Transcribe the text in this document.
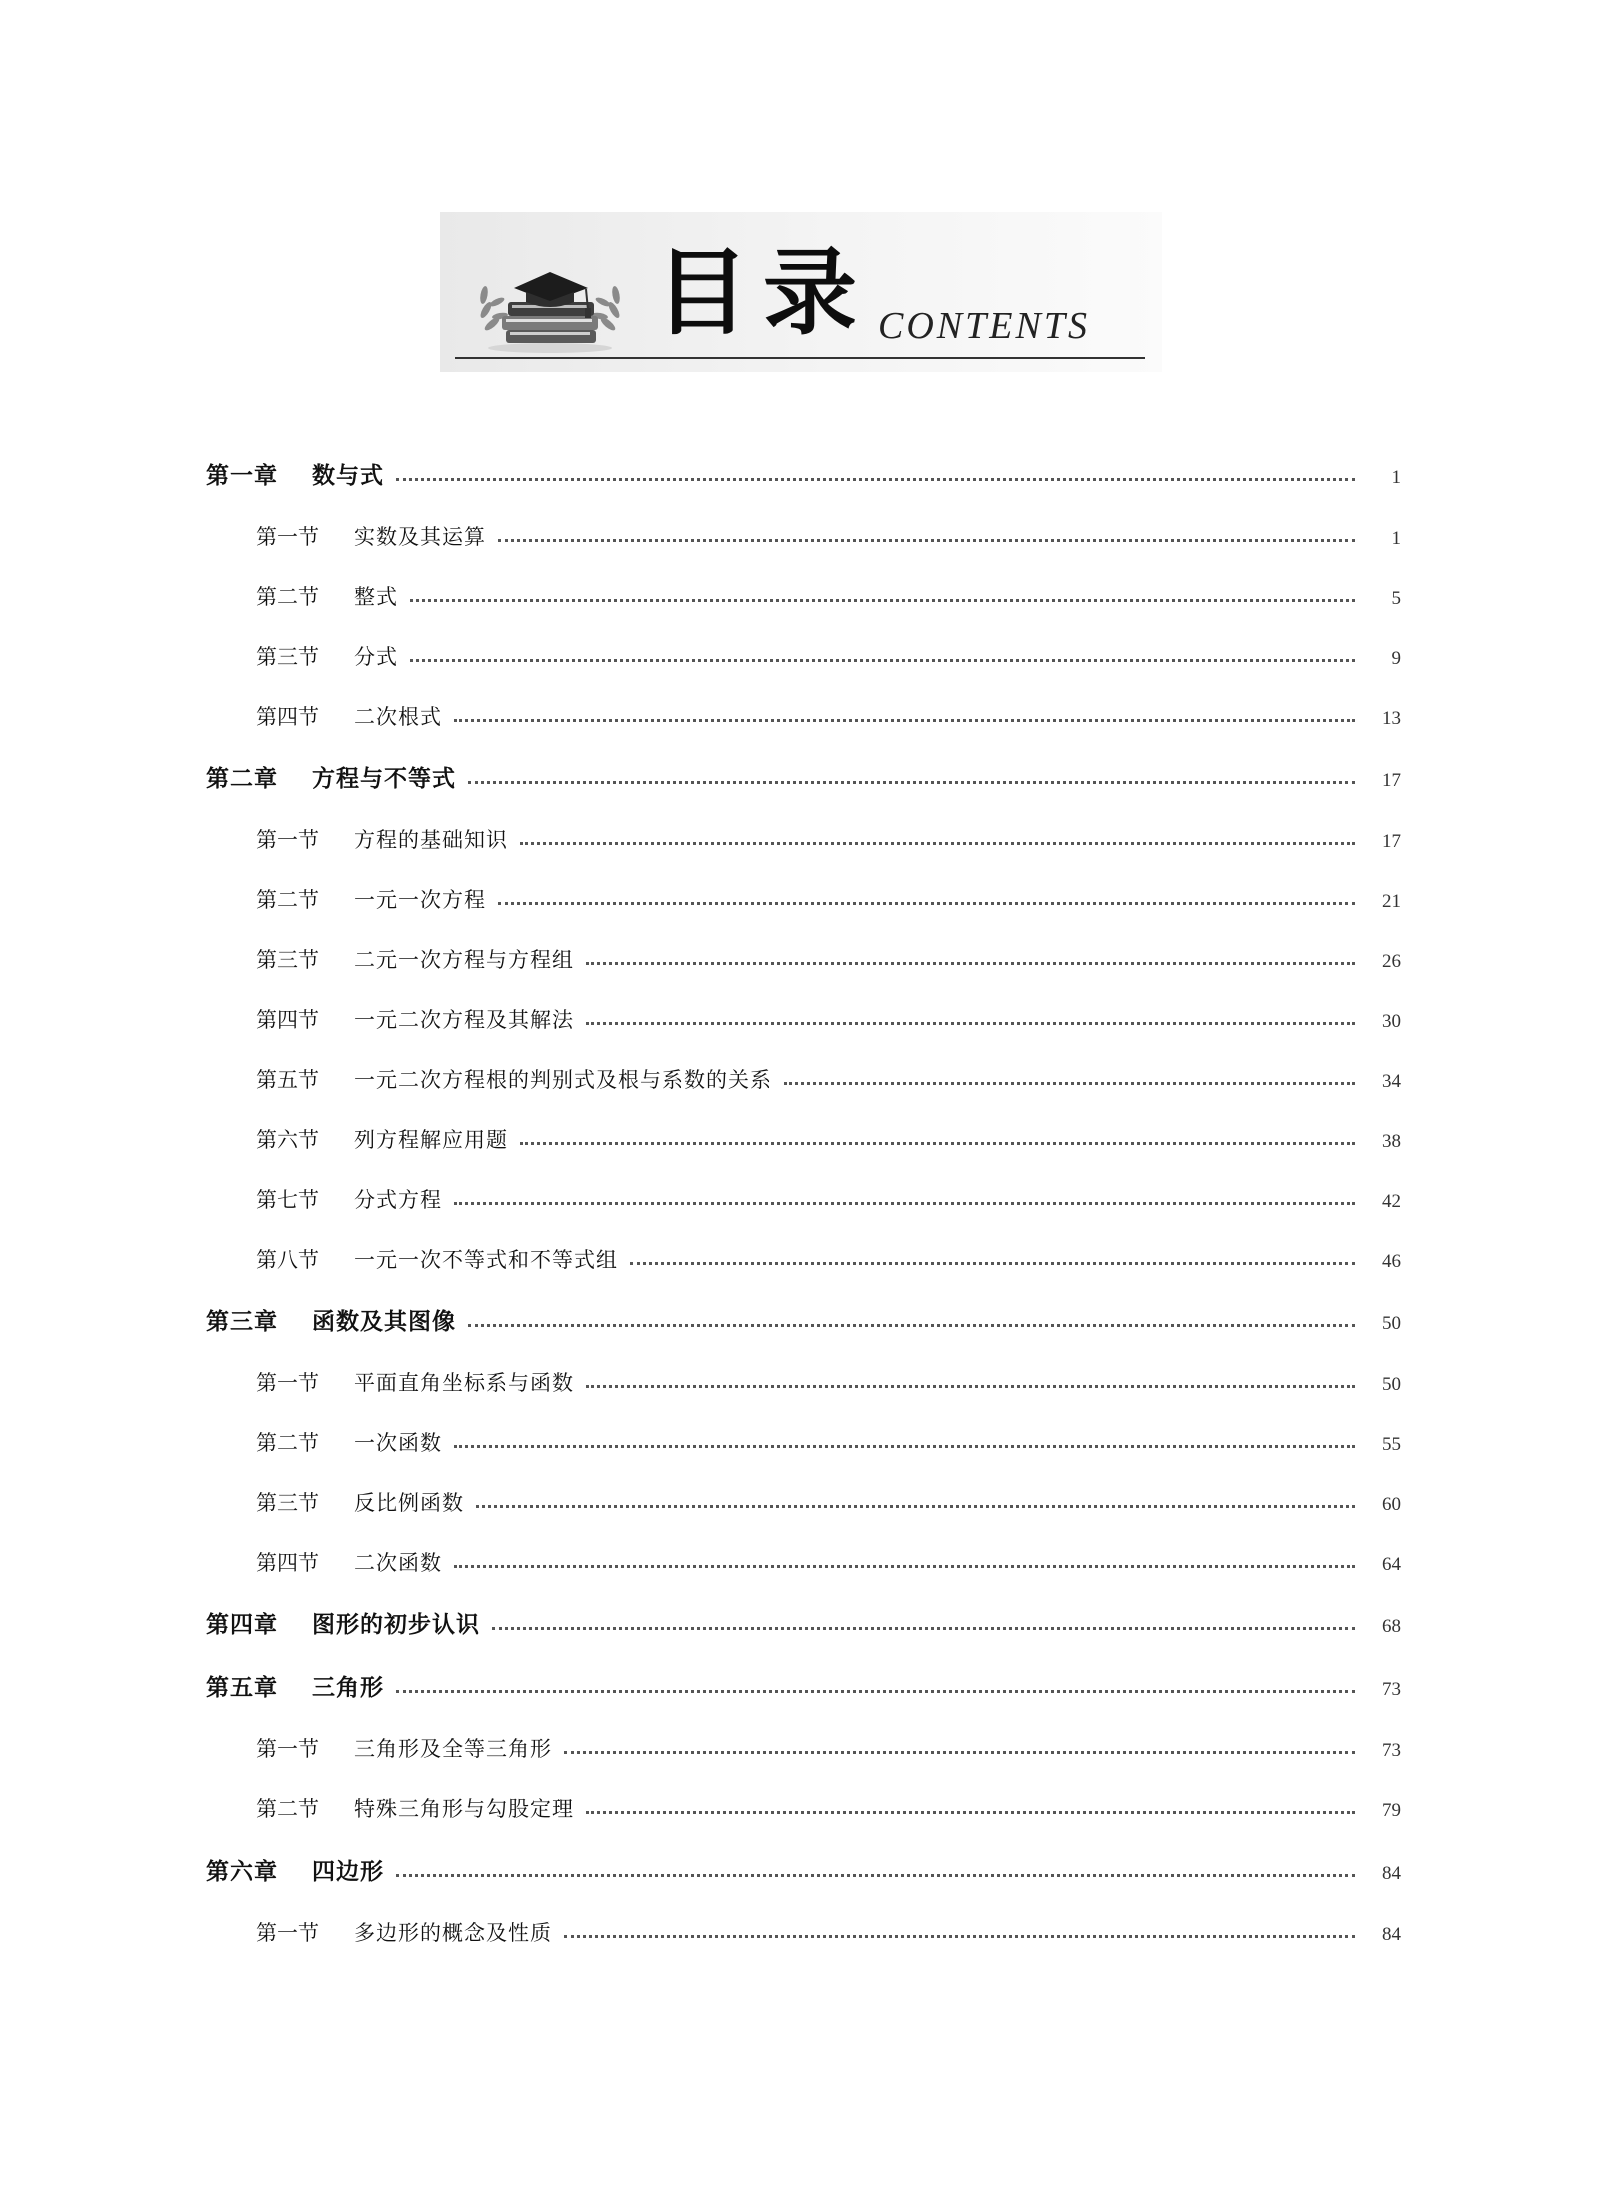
目录 CONTENTS
第一章	数与式	1
第一节	实数及其运算	1
第二节	整式	5
第三节	分式	9
第四节	二次根式	13
第二章	方程与不等式	17
第一节	方程的基础知识	17
第二节	一元一次方程	21
第三节	二元一次方程与方程组	26
第四节	一元二次方程及其解法	30
第五节	一元二次方程根的判别式及根与系数的关系	34
第六节	列方程解应用题	38
第七节	分式方程	42
第八节	一元一次不等式和不等式组	46
第三章	函数及其图像	50
第一节	平面直角坐标系与函数	50
第二节	一次函数	55
第三节	反比例函数	60
第四节	二次函数	64
第四章	图形的初步认识	68
第五章	三角形	73
第一节	三角形及全等三角形	73
第二节	特殊三角形与勾股定理	79
第六章	四边形	84
第一节	多边形的概念及性质	84
